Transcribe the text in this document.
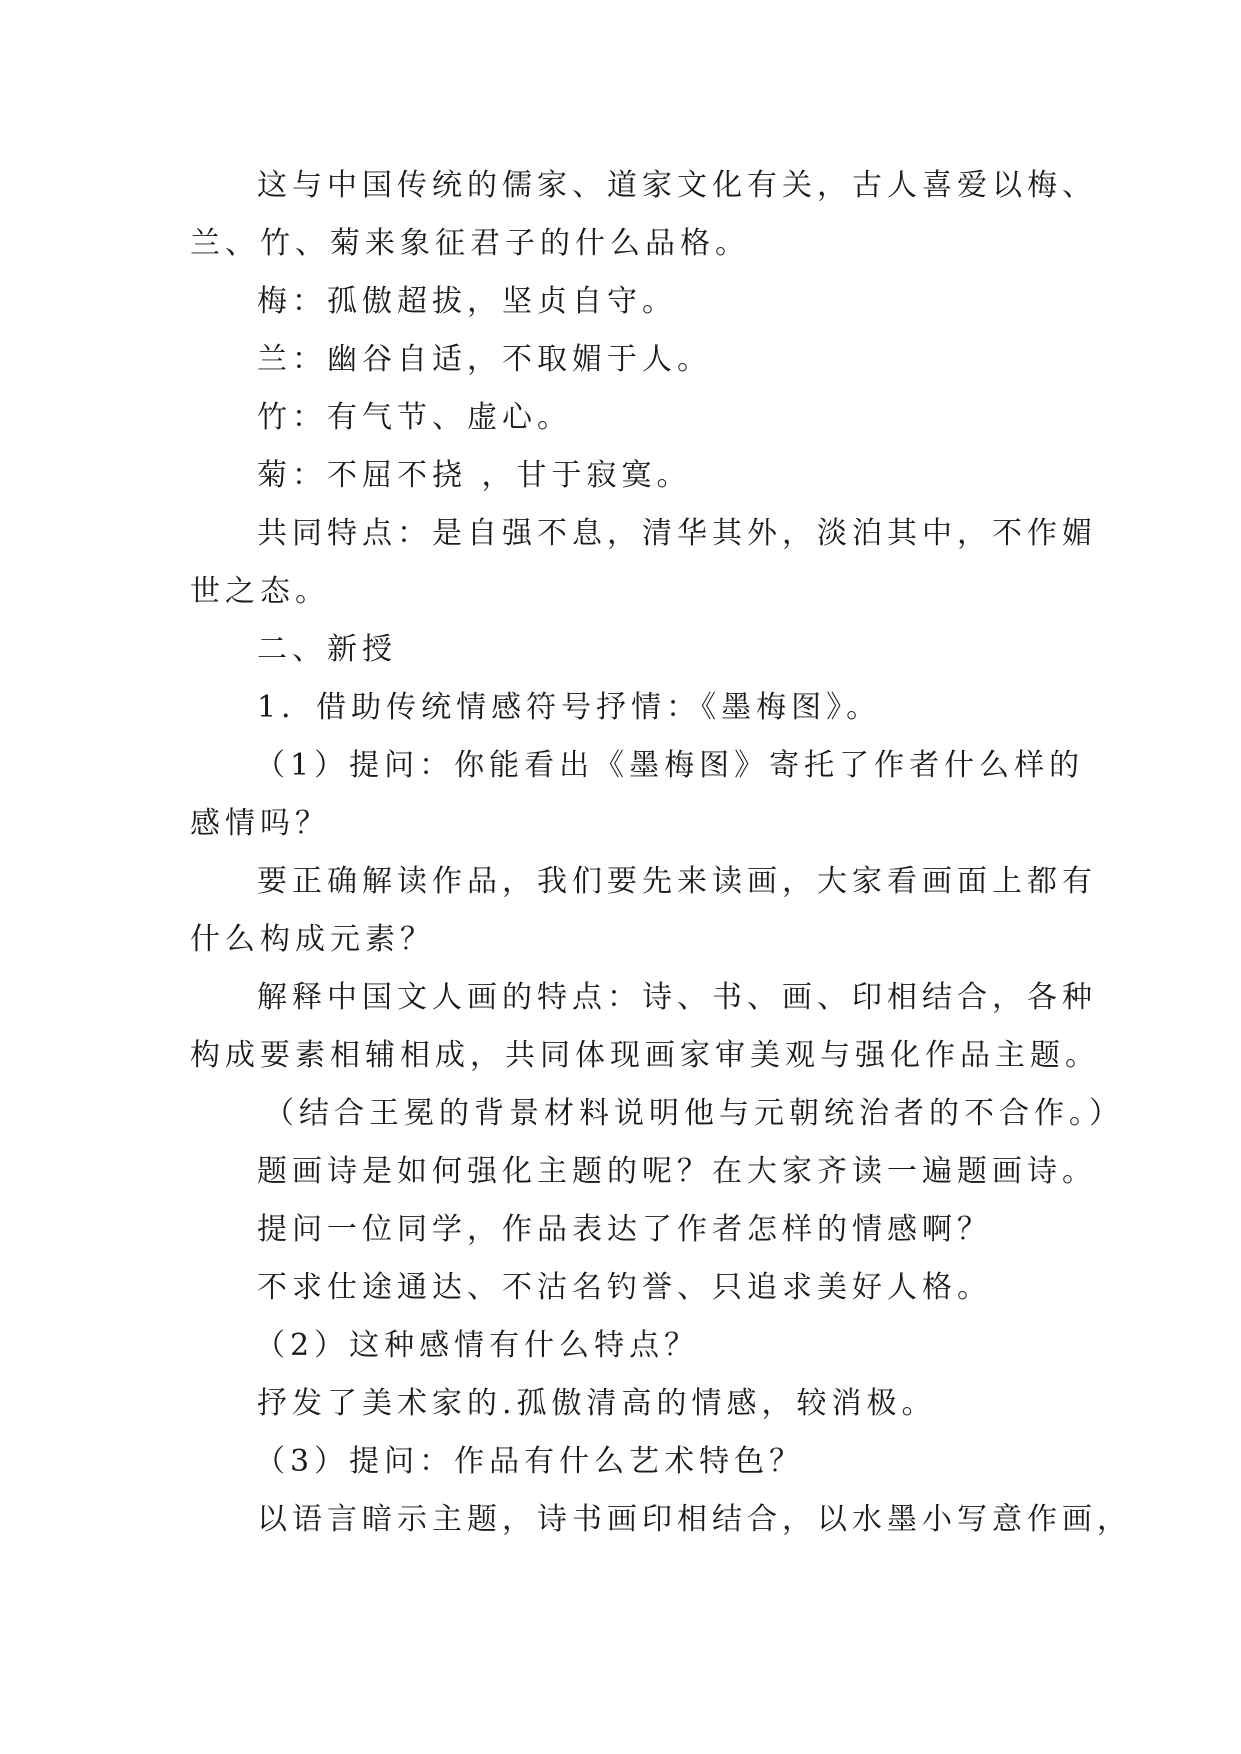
这与中国传统的儒家、道家文化有关，古人喜爱以梅、
兰、竹、菊来象征君子的什么品格。
梅：孤傲超拔，坚贞自守。
兰：幽谷自适，不取媚于人。
竹：有气节、虚心。
菊：不屈不挠 ，甘于寂寞。
共同特点：是自强不息，清华其外，淡泊其中，不作媚
世之态。
二、新授
1．借助传统情感符号抒情：《墨梅图》。
（1）提问：你能看出《墨梅图》寄托了作者什么样的
感情吗？
要正确解读作品，我们要先来读画，大家看画面上都有
什么构成元素？
解释中国文人画的特点：诗、书、画、印相结合，各种
构成要素相辅相成，共同体现画家审美观与强化作品主题。
（结合王冕的背景材料说明他与元朝统治者的不合作。）
题画诗是如何强化主题的呢？在大家齐读一遍题画诗。
提问一位同学，作品表达了作者怎样的情感啊？
不求仕途通达、不沽名钓誉、只追求美好人格。
（2）这种感情有什么特点？
抒发了美术家的.孤傲清高的情感，较消极。
（3）提问：作品有什么艺术特色？
以语言暗示主题，诗书画印相结合，以水墨小写意作画，
